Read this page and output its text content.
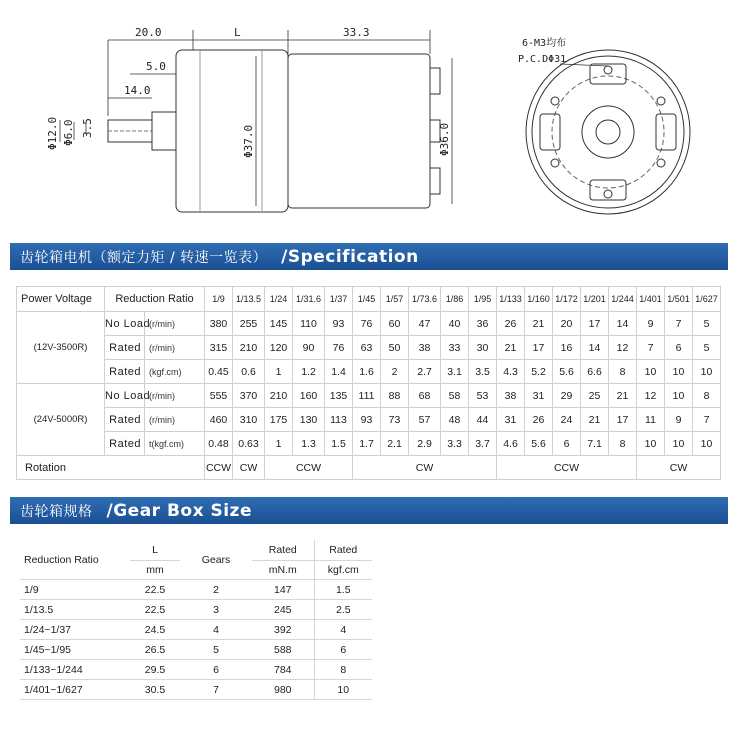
20.0	L	33.3
5.0
14.0
Φ12.0 Φ6.0 3.5	Φ37.0	Φ36.0
6-M3均布
P.C.DΦ31
齿轮箱电机（额定力矩 / 转速一览表） /Specification
Power Voltage	Reduction Ratio		1/9	1/13.5	1/24	1/31.6	1/37	1/45	1/57	1/73.6	1/86	1/95	1/133	1/160	1/172	1/201	1/244	1/401	1/501	1/627
(12V-3500R)	No Load	(r/min)	380	255	145	110	93	76	60	47	40	36	26	21	20	17	14	9	7	5
	Rated	(r/min)	315	210	120	90	76	63	50	38	33	30	21	17	16	14	12	7	6	5
	Rated	(kgf.cm)	0.45	0.6	1	1.2	1.4	1.6	2	2.7	3.1	3.5	4.3	5.2	5.6	6.6	8	10	10	10
(24V-5000R)	No Load	(r/min)	555	370	210	160	135	111	88	68	58	53	38	31	29	25	21	12	10	8
	Rated	(r/min)	460	310	175	130	113	93	73	57	48	44	31	26	24	21	17	11	9	7
	Rated	t(kgf.cm)	0.48	0.63	1	1.3	1.5	1.7	2.1	2.9	3.3	3.7	4.6	5.6	6	7.1	8	10	10	10
Rotation			CCW	CW	CCW			CW					CCW					CW		
齿轮箱规格 /Gear Box Size
Reduction Ratio	L	Gears	Rated	Rated
	mm		mN.m	kgf.cm
1/9	22.5	2	147	1.5
1/13.5	22.5	3	245	2.5
1/24~1/37	24.5	4	392	4
1/45~1/95	26.5	5	588	6
1/133~1/244	29.5	6	784	8
1/401~1/627	30.5	7	980	10
